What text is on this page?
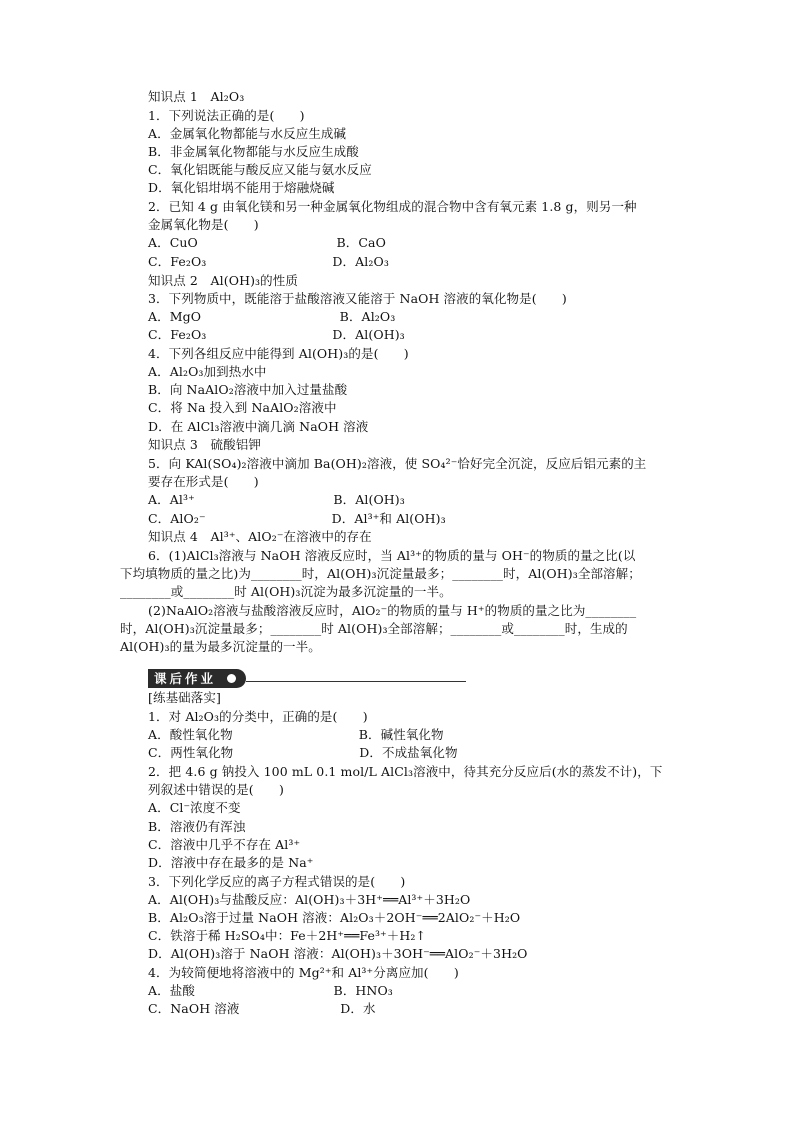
课后作业
知识点 1　Al₂O₃
1．下列说法正确的是(　　)
A．金属氧化物都能与水反应生成碱
B．非金属氧化物都能与水反应生成酸
C．氧化铝既能与酸反应又能与氨水反应
D．氧化铝坩埚不能用于熔融烧碱
2．已知 4 g 由氧化镁和另一种金属氧化物组成的混合物中含有氧元素 1.8 g，则另一种
金属氧化物是(　　)
A．CuO　　　　　　　　　　　B．CaO
C．Fe₂O₃　　　　　　　　　　D．Al₂O₃
知识点 2　Al(OH)₃的性质
3．下列物质中，既能溶于盐酸溶液又能溶于 NaOH 溶液的氧化物是(　　)
A．MgO　　　　　　　　　　　B．Al₂O₃
C．Fe₂O₃　　　　　　　　　　D．Al(OH)₃
4．下列各组反应中能得到 Al(OH)₃的是(　　)
A．Al₂O₃加到热水中
B．向 NaAlO₂溶液中加入过量盐酸
C．将 Na 投入到 NaAlO₂溶液中
D．在 AlCl₃溶液中滴几滴 NaOH 溶液
知识点 3　硫酸铝钾
5．向 KAl(SO₄)₂溶液中滴加 Ba(OH)₂溶液，使 SO₄²⁻恰好完全沉淀，反应后铝元素的主
要存在形式是(　　)
A．Al³⁺　　　　　　　　　　　B．Al(OH)₃
C．AlO₂⁻　　　　　　　　　　D．Al³⁺和 Al(OH)₃
知识点 4　Al³⁺、AlO₂⁻在溶液中的存在
6．(1)AlCl₃溶液与 NaOH 溶液反应时，当 Al³⁺的物质的量与 OH⁻的物质的量之比(以
下均填物质的量之比)为________时，Al(OH)₃沉淀量最多；________时，Al(OH)₃全部溶解；
________或________时 Al(OH)₃沉淀为最多沉淀量的一半。
(2)NaAlO₂溶液与盐酸溶液反应时，AlO₂⁻的物质的量与 H⁺的物质的量之比为________
时，Al(OH)₃沉淀量最多；________时 Al(OH)₃全部溶解；________或________时，生成的
Al(OH)₃的量为最多沉淀量的一半。
[练基础落实]
1．对 Al₂O₃的分类中，正确的是(　　)
A．酸性氧化物　　　　　　　　　　B．碱性氧化物
C．两性氧化物　　　　　　　　　　D．不成盐氧化物
2．把 4.6 g 钠投入 100 mL 0.1 mol/L AlCl₃溶液中，待其充分反应后(水的蒸发不计)，下
列叙述中错误的是(　　)
A．Cl⁻浓度不变
B．溶液仍有浑浊
C．溶液中几乎不存在 Al³⁺
D．溶液中存在最多的是 Na⁺
3．下列化学反应的离子方程式错误的是(　　)
A．Al(OH)₃与盐酸反应：Al(OH)₃＋3H⁺══Al³⁺＋3H₂O
B．Al₂O₃溶于过量 NaOH 溶液：Al₂O₃＋2OH⁻══2AlO₂⁻＋H₂O
C．铁溶于稀 H₂SO₄中：Fe＋2H⁺══Fe³⁺＋H₂↑
D．Al(OH)₃溶于 NaOH 溶液：Al(OH)₃＋3OH⁻══AlO₂⁻＋3H₂O
4．为较简便地将溶液中的 Mg²⁺和 Al³⁺分离应加(　　)
A．盐酸　　　　　　　　　　　B．HNO₃
C．NaOH 溶液　　　　　　　　D．水
